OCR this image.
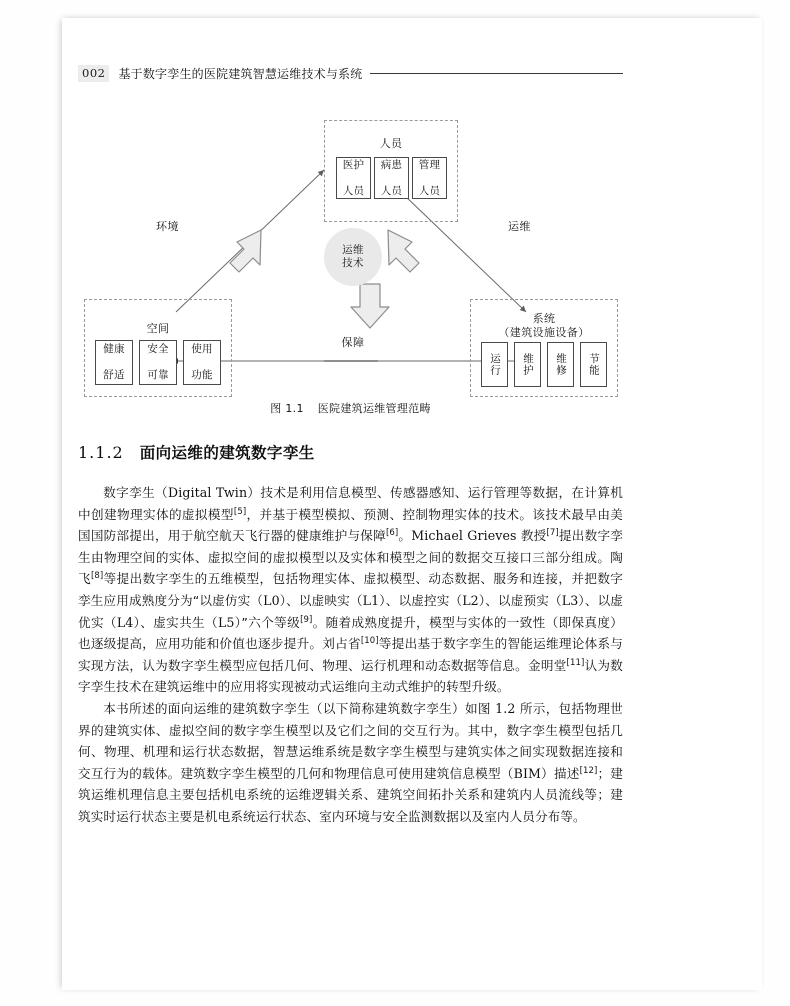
002	基于数字孪生的医院建筑智慧运维技术与系统
人员
医护

人员
病患

人员
管理

人员
空间
健康

舒适
安全

可靠
使用

功能
系统
（建筑设施设备）
运行 维护 维修 节能
环境	运维
运维
技术
保障
图 1.1 医院建筑运维管理范畴
1.1.2 面向运维的建筑数字孪生

数字孪生（Digital Twin）技术是利用信息模型、传感器感知、运行管理等数据，在计算机中创建物理实体的虚拟模型[5]，并基于模型模拟、预测、控制物理实体的技术。该技术最早由美国国防部提出，用于航空航天飞行器的健康维护与保障[6]。Michael Grieves 教授[7]提出数字孪生由物理空间的实体、虚拟空间的虚拟模型以及实体和模型之间的数据交互接口三部分组成。陶飞[8]等提出数字孪生的五维模型，包括物理实体、虚拟模型、动态数据、服务和连接，并把数字孪生应用成熟度分为“以虚仿实（L0）、以虚映实（L1）、以虚控实（L2）、以虚预实（L3）、以虚优实（L4）、虚实共生（L5）”六个等级[9]。随着成熟度提升，模型与实体的一致性（即保真度）也逐级提高，应用功能和价值也逐步提升。刘占省[10]等提出基于数字孪生的智能运维理论体系与实现方法，认为数字孪生模型应包括几何、物理、运行机理和动态数据等信息。金明堂[11]认为数字孪生技术在建筑运维中的应用将实现被动式运维向主动式维护的转型升级。

本书所述的面向运维的建筑数字孪生（以下简称建筑数字孪生）如图 1.2 所示，包括物理世界的建筑实体、虚拟空间的数字孪生模型以及它们之间的交互行为。其中，数字孪生模型包括几何、物理、机理和运行状态数据，智慧运维系统是数字孪生模型与建筑实体之间实现数据连接和交互行为的载体。建筑数字孪生模型的几何和物理信息可使用建筑信息模型（BIM）描述[12]；建筑运维机理信息主要包括机电系统的运维逻辑关系、建筑空间拓扑关系和建筑内人员流线等；建筑实时运行状态主要是机电系统运行状态、室内环境与安全监测数据以及室内人员分布等。
